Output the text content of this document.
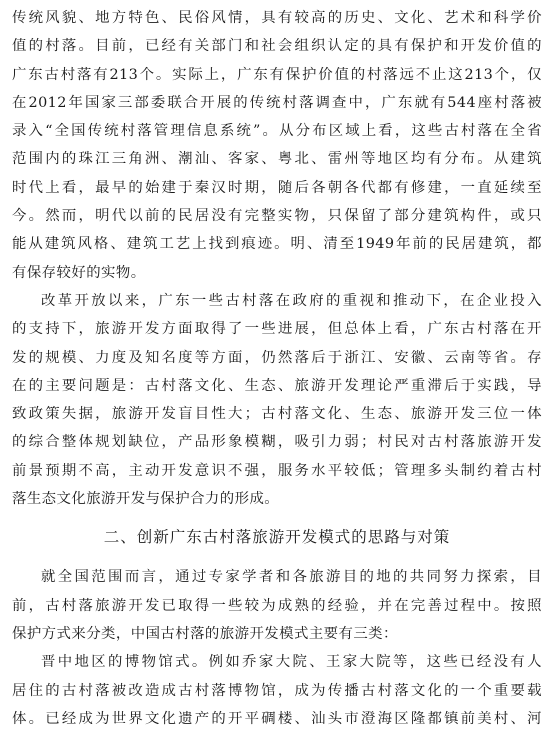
传统风貌、地方特色、民俗风情，具有较高的历史、文化、艺术和科学价
值的村落。目前，已经有关部门和社会组织认定的具有保护和开发价值的
广东古村落有213个。实际上，广东有保护价值的村落远不止这213个，仅
在2012年国家三部委联合开展的传统村落调查中，广东就有544座村落被
录入“全国传统村落管理信息系统”。从分布区域上看，这些古村落在全省
范围内的珠江三角洲、潮汕、客家、粤北、雷州等地区均有分布。从建筑
时代上看，最早的始建于秦汉时期，随后各朝各代都有修建，一直延续至
今。然而，明代以前的民居没有完整实物，只保留了部分建筑构件，或只
能从建筑风格、建筑工艺上找到痕迹。明、清至1949年前的民居建筑，都
有保存较好的实物。
改革开放以来，广东一些古村落在政府的重视和推动下，在企业投入
的支持下，旅游开发方面取得了一些进展，但总体上看，广东古村落在开
发的规模、力度及知名度等方面，仍然落后于浙江、安徽、云南等省。存
在的主要问题是：古村落文化、生态、旅游开发理论严重滞后于实践，导
致政策失据，旅游开发盲目性大；古村落文化、生态、旅游开发三位一体
的综合整体规划缺位，产品形象模糊，吸引力弱；村民对古村落旅游开发
前景预期不高，主动开发意识不强，服务水平较低；管理多头制约着古村
落生态文化旅游开发与保护合力的形成。
二、创新广东古村落旅游开发模式的思路与对策
就全国范围而言，通过专家学者和各旅游目的地的共同努力探索，目
前，古村落旅游开发已取得一些较为成熟的经验，并在完善过程中。按照
保护方式来分类，中国古村落的旅游开发模式主要有三类：
晋中地区的博物馆式。例如乔家大院、王家大院等，这些已经没有人
居住的古村落被改造成古村落博物馆，成为传播古村落文化的一个重要载
体。已经成为世界文化遗产的开平碉楼、汕头市澄海区隆都镇前美村、河
